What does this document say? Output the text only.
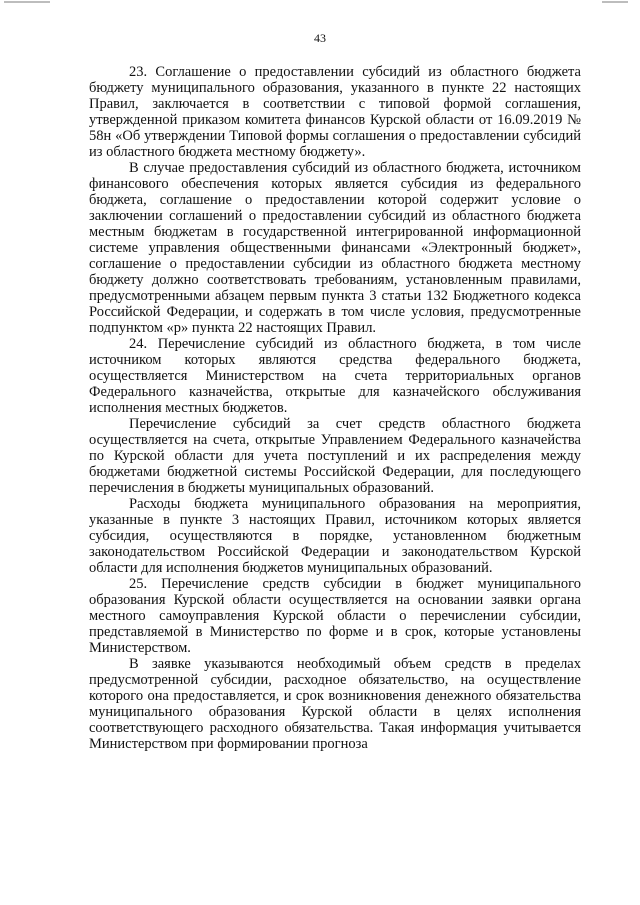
43

23. Соглашение о предоставлении субсидий из областного бюджета бюджету муниципального образования, указанного в пункте 22 настоящих Правил, заключается в соответствии с типовой формой соглашения, утвержденной приказом комитета финансов Курской области от 16.09.2019 № 58н «Об утверждении Типовой формы соглашения о предоставлении субсидий из областного бюджета местному бюджету».

В случае предоставления субсидий из областного бюджета, источником финансового обеспечения которых является субсидия из федерального бюджета, соглашение о предоставлении которой содержит условие о заключении соглашений о предоставлении субсидий из областного бюджета местным бюджетам в государственной интегрированной информационной системе управления общественными финансами «Электронный бюджет», соглашение о предоставлении субсидии из областного бюджета местному бюджету должно соответствовать требованиям, установленным правилами, предусмотренными абзацем первым пункта 3 статьи 132 Бюджетного кодекса Российской Федерации, и содержать в том числе условия, предусмотренные подпунктом «р» пункта 22 настоящих Правил.

24. Перечисление субсидий из областного бюджета, в том числе источником которых являются средства федерального бюджета, осуществляется Министерством на счета территориальных органов Федерального казначейства, открытые для казначейского обслуживания исполнения местных бюджетов.

Перечисление субсидий за счет средств областного бюджета осуществляется на счета, открытые Управлением Федерального казначейства по Курской области для учета поступлений и их распределения между бюджетами бюджетной системы Российской Федерации, для последующего перечисления в бюджеты муниципальных образований.

Расходы бюджета муниципального образования на мероприятия, указанные в пункте 3 настоящих Правил, источником которых является субсидия, осуществляются в порядке, установленном бюджетным законодательством Российской Федерации и законодательством Курской области для исполнения бюджетов муниципальных образований.

25. Перечисление средств субсидии в бюджет муниципального образования Курской области осуществляется на основании заявки органа местного самоуправления Курской области о перечислении субсидии, представляемой в Министерство по форме и в срок, которые установлены Министерством.

В заявке указываются необходимый объем средств в пределах предусмотренной субсидии, расходное обязательство, на осуществление которого она предоставляется, и срок возникновения денежного обязательства муниципального образования Курской области в целях исполнения соответствующего расходного обязательства. Такая информация учитывается Министерством при формировании прогноза
